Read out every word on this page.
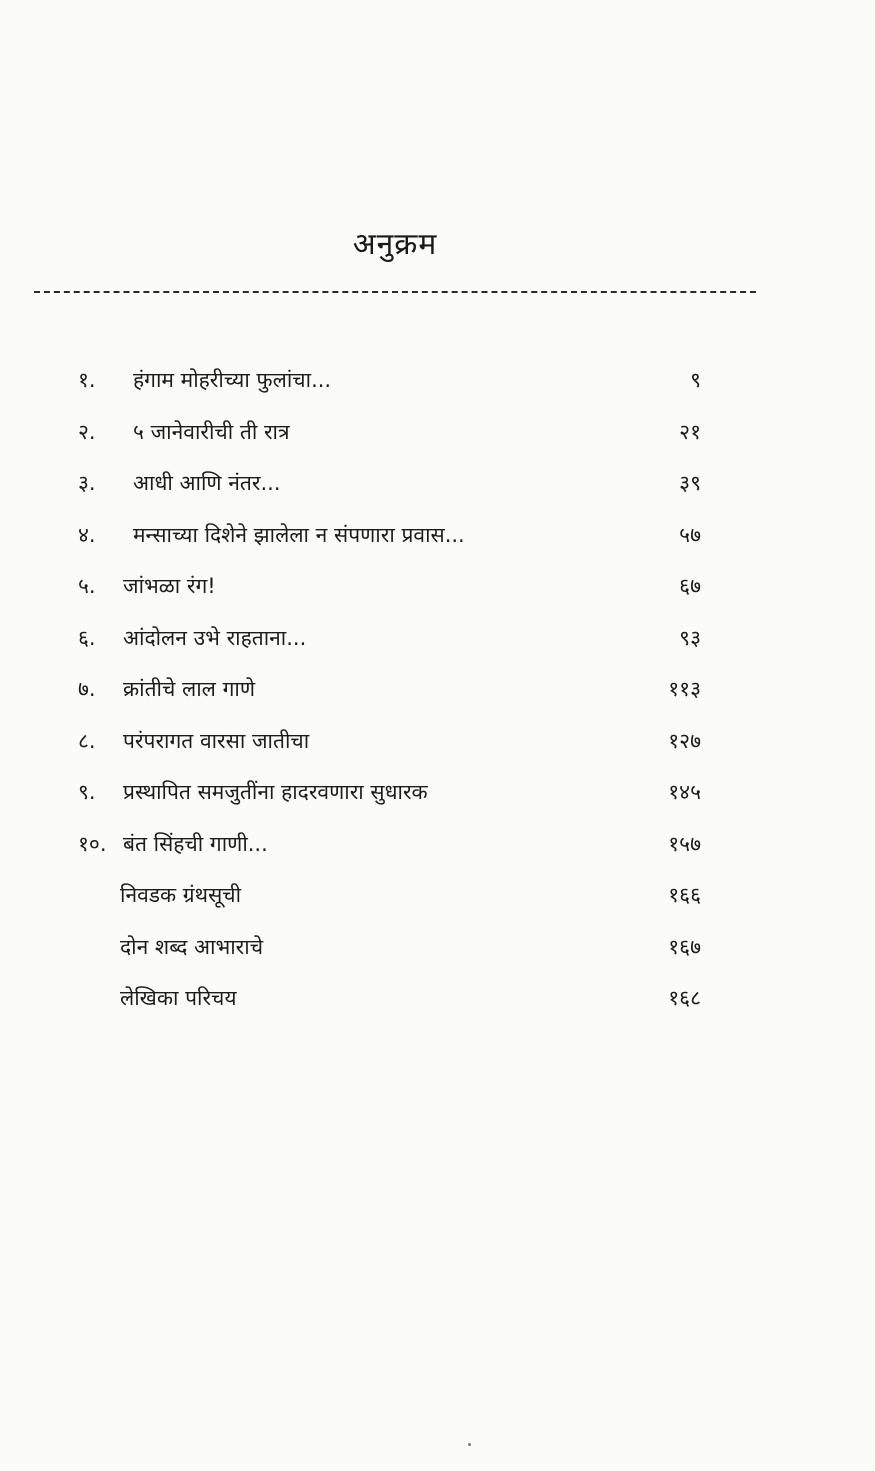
अनुक्रम
१. हंगाम मोहरीच्या फुलांचा...	९
२. ५ जानेवारीची ती रात्र	२१
३. आधी आणि नंतर...	३९
४. मन्साच्या दिशेने झालेला न संपणारा प्रवास...	५७
५. जांभळा रंग!	६७
६. आंदोलन उभे राहताना...	९३
७. क्रांतीचे लाल गाणे	११३
८. परंपरागत वारसा जातीचा	१२७
९. प्रस्थापित समजुतींना हादरवणारा सुधारक	१४५
१०. बंत सिंहची गाणी...	१५७
निवडक ग्रंथसूची	१६६
दोन शब्द आभाराचे	१६७
लेखिका परिचय	१६८
